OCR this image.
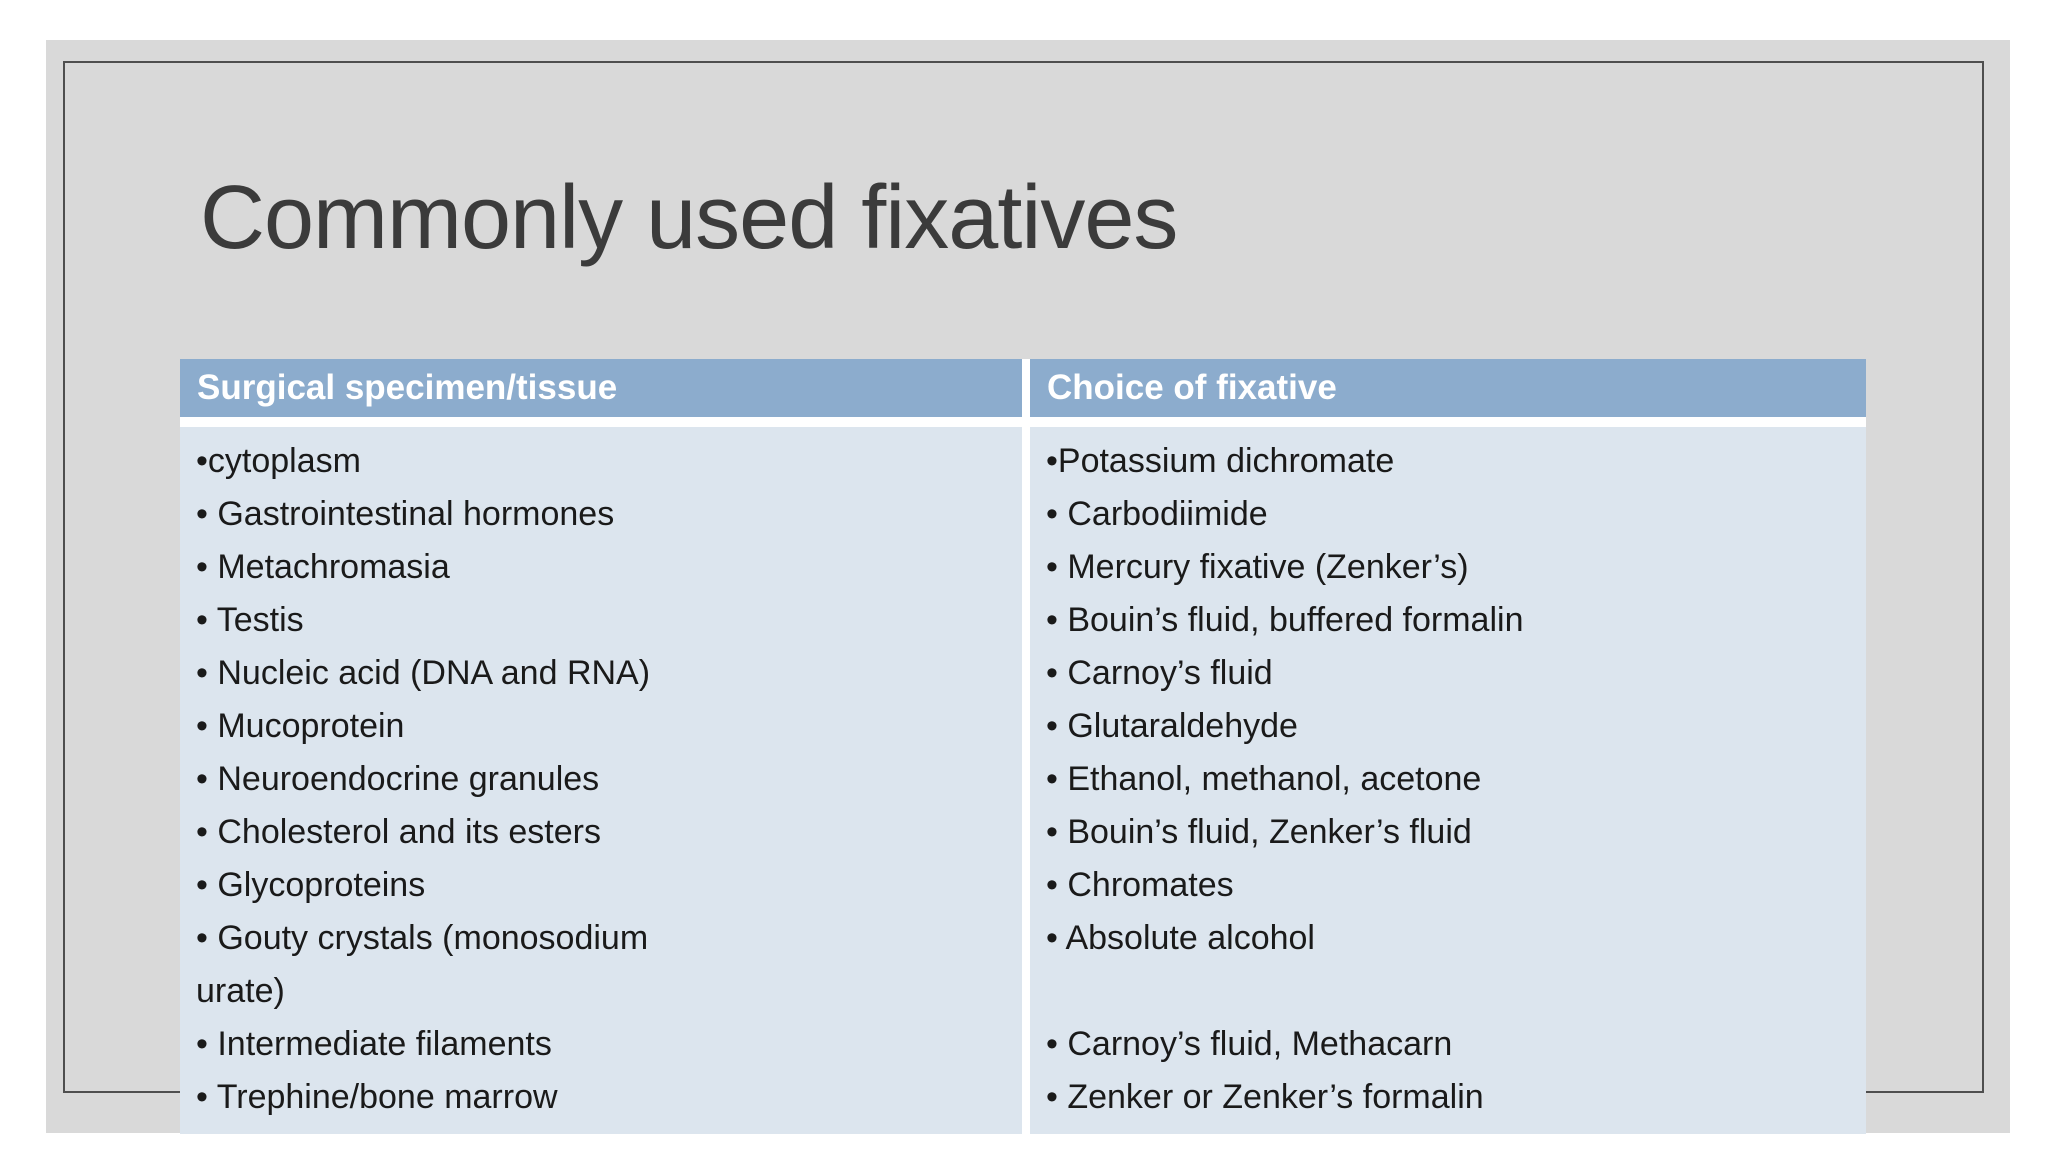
Commonly used fixatives
Surgical specimen/tissue	Choice of fixative
•cytoplasm
• Gastrointestinal hormones
• Metachromasia
• Testis
• Nucleic acid (DNA and RNA)
• Mucoprotein
• Neuroendocrine granules
• Cholesterol and its esters
• Glycoproteins
• Gouty crystals (monosodium
urate)
• Intermediate filaments
• Trephine/bone marrow
•Potassium dichromate
• Carbodiimide
• Mercury fixative (Zenker’s)
• Bouin’s fluid, buffered formalin
• Carnoy’s fluid
• Glutaraldehyde
• Ethanol, methanol, acetone
• Bouin’s fluid, Zenker’s fluid
• Chromates
• Absolute alcohol
• Carnoy’s fluid, Methacarn
• Zenker or Zenker’s formalin
